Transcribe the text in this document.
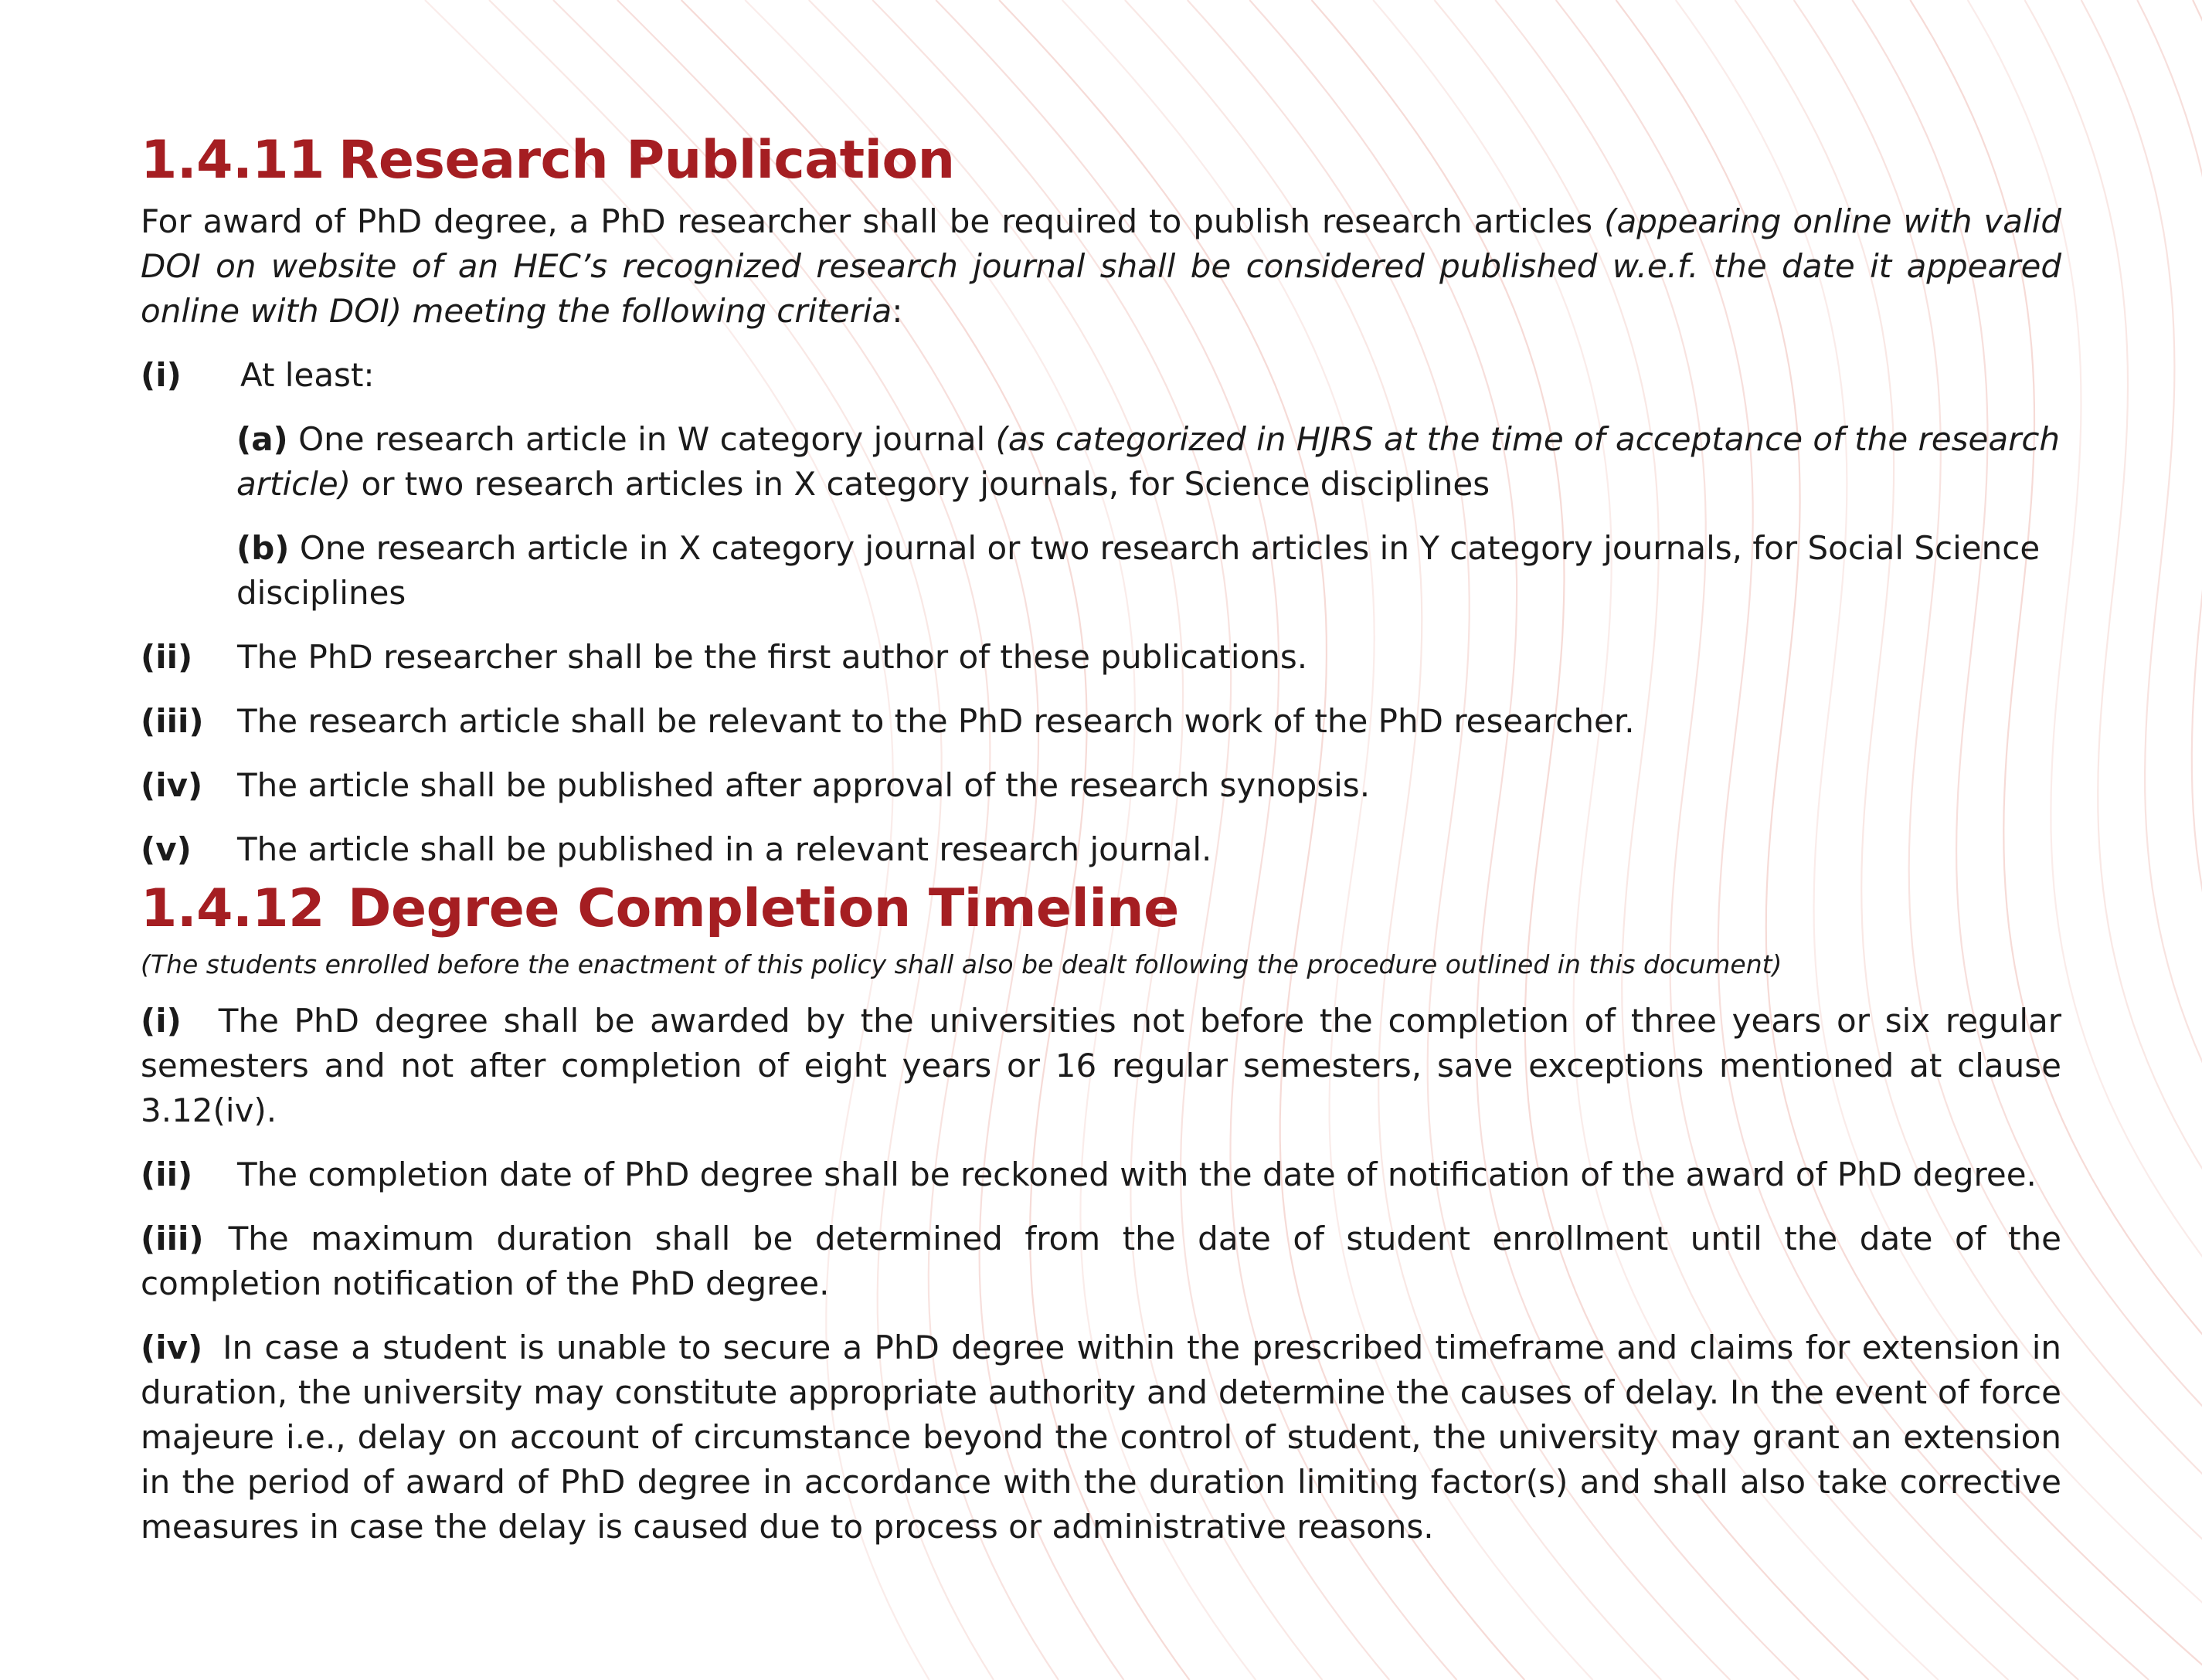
1.4.11 Research Publication

For award of PhD degree, a PhD researcher shall be required to publish research articles (appearing online with valid DOI on website of an HEC’s recognized research journal shall be considered published w.e.f. the date it appeared online with DOI) meeting the following criteria:

(i)	At least:

(a) One research article in W category journal (as categorized in HJRS at the time of acceptance of the research article) or two research articles in X category journals, for Science disciplines

(b) One research article in X category journal or two research articles in Y category journals, for Social Science disciplines

(ii)	The PhD researcher shall be the first author of these publications.
(iii)	The research article shall be relevant to the PhD research work of the PhD researcher.
(iv)	The article shall be published after approval of the research synopsis.
(v)	The article shall be published in a relevant research journal.
1.4.12 Degree Completion Timeline

(The students enrolled before the enactment of this policy shall also be dealt following the procedure outlined in this document)

(i) The PhD degree shall be awarded by the universities not before the completion of three years or six regular semesters and not after completion of eight years or 16 regular semesters, save exceptions mentioned at clause 3.12(iv).

(ii)	The completion date of PhD degree shall be reckoned with the date of notification of the award of PhD degree.

(iii) The maximum duration shall be determined from the date of student enrollment until the date of the completion notification of the PhD degree.

(iv) In case a student is unable to secure a PhD degree within the prescribed timeframe and claims for extension in duration, the university may constitute appropriate authority and determine the causes of delay. In the event of force majeure i.e., delay on account of circumstance beyond the control of student, the university may grant an extension in the period of award of PhD degree in accordance with the duration limiting factor(s) and shall also take corrective measures in case the delay is caused due to process or administrative reasons.
